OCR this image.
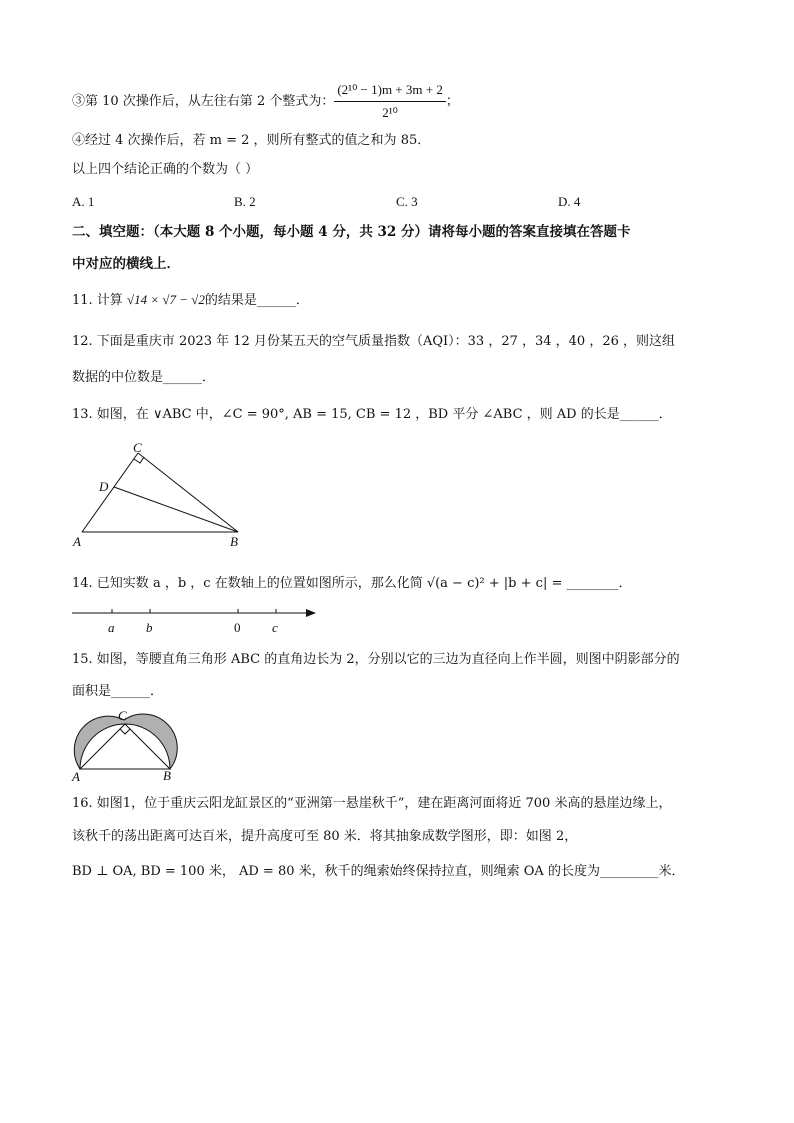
③第 10 次操作后，从左往右第 2 个整式为： $\frac{\text{(2¹⁰ − 1)m + 3m + 2}}{\text{2¹⁰}}$ ；
④经过 4 次操作后，若 m = 2 ，则所有整式的值之和为 85．
以上四个结论正确的个数为（ ）
A. 1	B. 2	C. 3	D. 4
二、填空题：（本大题 8 个小题，每小题 4 分，共 32 分）请将每小题的答案直接填在答题卡
中对应的横线上．
11. 计算 √14 × √7 − √2的结果是______．
12. 下面是重庆市 2023 年 12 月份某五天的空气质量指数（AQI）：33 ，27 ，34 ，40 ，26 ，则这组
数据的中位数是______．
13. 如图，在 ∨ABC 中，∠C = 90°, AB = 15, CB = 12 ，BD 平分 ∠ABC ，则 AD 的长是______．
C
D
A	B
14. 已知实数 a ，b ，c 在数轴上的位置如图所示，那么化简 √(a − c)² + |b + c| = ________．
a b	0 c
15. 如图，等腰直角三角形 ABC 的直角边长为 2，分别以它的三边为直径向上作半圆，则图中阴影部分的
面积是______．
C
A	B
16. 如图1，位于重庆云阳龙缸景区的“亚洲第一悬崖秋千”，建在距离河面将近 700 米高的悬崖边缘上，
该秋千的荡出距离可达百米，提升高度可至 80 米．将其抽象成数学图形，即：如图 2，
BD ⊥ OA, BD = 100 米， AD = 80 米，秋千的绳索始终保持拉直，则绳索 OA 的长度为_________米．
